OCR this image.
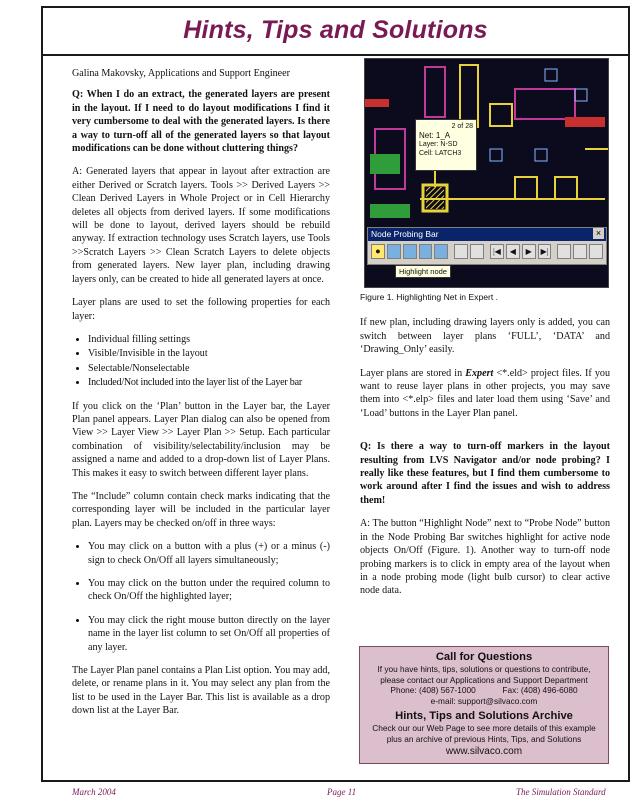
Hints, Tips and Solutions

Galina Makovsky, Applications and Support Engineer

Q: When I do an extract, the generated layers are present in the layout. If I need to do layout modifications I find it very cumbersome to deal with the generated layers. Is there a way to turn-off all of the generated layers so that layout modifications can be done without cluttering things?

A: Generated layers that appear in layout after extraction are either Derived or Scratch layers. Tools >> Derived Layers >> Clean Derived Layers in Whole Project or in Cell Hierarchy deletes all objects from derived layers. If some modifications will be done to layout, derived layers should be rebuild anyway. If extraction technology uses Scratch layers, use Tools >>Scratch Layers >> Clean Scratch Layers to delete objects from generated layers. New layer plan, including drawing layers only, can be created to hide all generated layers at once.

Layer plans are used to set the following properties for each layer:

• Individual filling settings
• Visible/Invisible in the layout
• Selectable/Nonselectable
• Included/Not included into the layer list of the Layer bar

If you click on the ‘Plan’ button in the Layer bar, the Layer Plan panel appears. Layer Plan dialog can also be opened from View >> Layer View >> Layer Plan >> Setup. Each particular combination of visibility/selectability/inclusion may be assigned a name and added to a drop-down list of Layer Plans. This makes it easy to switch between different layer plans.

The “Include” column contain check marks indicating that the corresponding layer will be included in the particular layer plan. Layers may be checked on/off in three ways:

• You may click on a button with a plus (+) or a minus (-) sign to check On/Off all layers simultaneously;
• You may click on the button under the required column to check On/Off the highlighted layer;
• You may click the right mouse button directly on the layer name in the layer list column to set On/Off all properties of any layer.

The Layer Plan panel contains a Plan List option. You may add, delete, or rename plans in it. You may select any plan from the list to be used in the Layer Bar. This list is available as a drop down list at the Layer Bar.

2 of 28
Net: 1_A
Layer: N-SD
Cell: LATCH3
Node Probing Bar	×
●	|◀	◀	▶	▶|
Highlight node
Figure 1. Highlighting Net in Expert .

If new plan, including drawing layers only is added, you can switch between layer plans ‘FULL’, ‘DATA’ and ‘Drawing_Only’ easily.

Layer plans are stored in Expert <*.eld> project files. If you want to reuse layer plans in other projects, you may save them into <*.elp> files and later load them using ‘Save’ and ‘Load’ buttons in the Layer Plan panel.

Q: Is there a way to turn-off markers in the layout resulting from LVS Navigator and/or node probing? I really like these features, but I find them cumbersome to work around after I find the issues and wish to address them!

A: The button “Highlight Node” next to “Probe Node” button in the Node Probing Bar switches highlight for active node objects On/Off (Figure. 1). Another way to turn-off node probing markers is to click in empty area of the layout when in a node probing mode (light bulb cursor) to clear active node data.

Call for Questions
If you have hints, tips, solutions or questions to contribute,
please contact our Applications and Support Department
Phone: (408) 567-1000	Fax: (408) 496-6080
e-mail: support@silvaco.com
Hints, Tips and Solutions Archive
Check our our Web Page to see more details of this example
plus an archive of previous Hints, Tips, and Solutions
www.silvaco.com
March 2004	Page 11	The Simulation Standard
